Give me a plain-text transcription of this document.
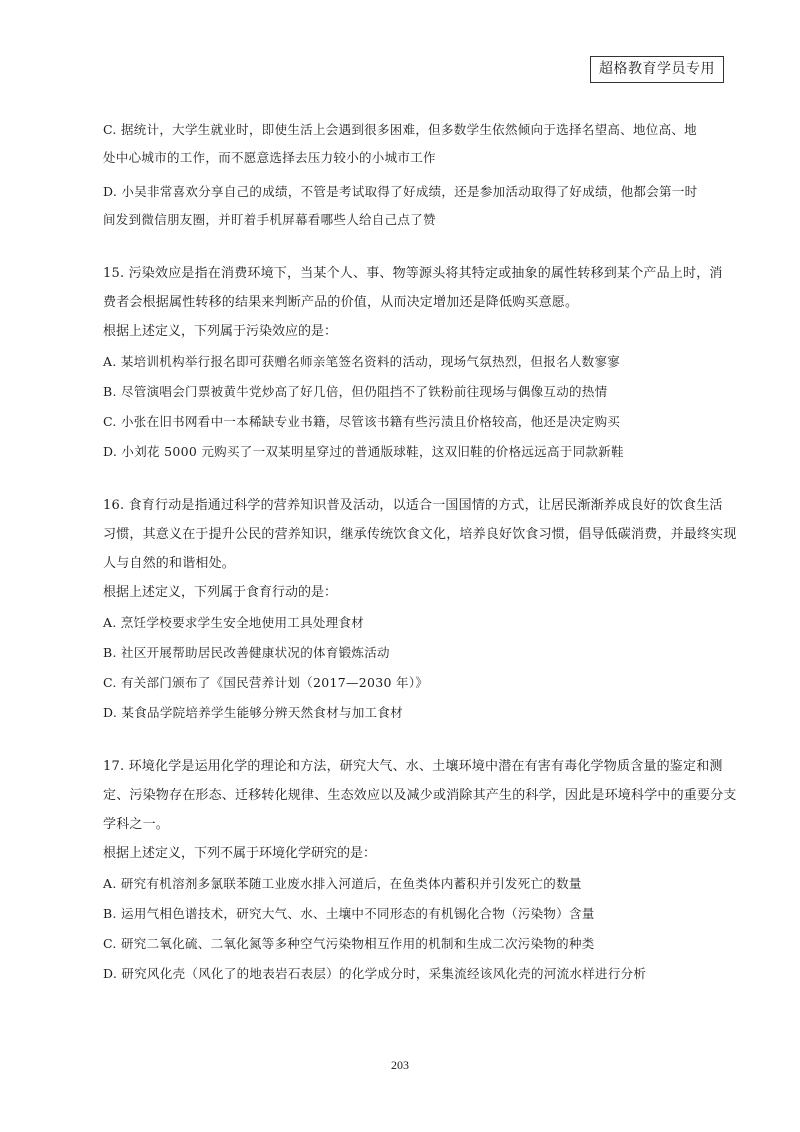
超格教育学员专用
C. 据统计，大学生就业时，即使生活上会遇到很多困难，但多数学生依然倾向于选择名望高、地位高、地
处中心城市的工作，而不愿意选择去压力较小的小城市工作
D. 小吴非常喜欢分享自己的成绩，不管是考试取得了好成绩，还是参加活动取得了好成绩，他都会第一时
间发到微信朋友圈，并盯着手机屏幕看哪些人给自己点了赞
15. 污染效应是指在消费环境下，当某个人、事、物等源头将其特定或抽象的属性转移到某个产品上时，消
费者会根据属性转移的结果来判断产品的价值，从而决定增加还是降低购买意愿。
根据上述定义，下列属于污染效应的是：
A. 某培训机构举行报名即可获赠名师亲笔签名资料的活动，现场气氛热烈，但报名人数寥寥
B. 尽管演唱会门票被黄牛党炒高了好几倍，但仍阻挡不了铁粉前往现场与偶像互动的热情
C. 小张在旧书网看中一本稀缺专业书籍，尽管该书籍有些污渍且价格较高，他还是决定购买
D. 小刘花 5000 元购买了一双某明星穿过的普通版球鞋，这双旧鞋的价格远远高于同款新鞋
16. 食育行动是指通过科学的营养知识普及活动，以适合一国国情的方式，让居民渐渐养成良好的饮食生活
习惯，其意义在于提升公民的营养知识，继承传统饮食文化，培养良好饮食习惯，倡导低碳消费，并最终实现
人与自然的和谐相处。
根据上述定义，下列属于食育行动的是：
A. 烹饪学校要求学生安全地使用工具处理食材
B. 社区开展帮助居民改善健康状况的体育锻炼活动
C. 有关部门颁布了《国民营养计划（2017—2030 年）》
D. 某食品学院培养学生能够分辨天然食材与加工食材
17. 环境化学是运用化学的理论和方法，研究大气、水、土壤环境中潜在有害有毒化学物质含量的鉴定和测
定、污染物存在形态、迁移转化规律、生态效应以及减少或消除其产生的科学，因此是环境科学中的重要分支
学科之一。
根据上述定义，下列不属于环境化学研究的是：
A. 研究有机溶剂多氯联苯随工业废水排入河道后，在鱼类体内蓄积并引发死亡的数量
B. 运用气相色谱技术，研究大气、水、土壤中不同形态的有机锡化合物（污染物）含量
C. 研究二氧化硫、二氧化氮等多种空气污染物相互作用的机制和生成二次污染物的种类
D. 研究风化壳（风化了的地表岩石表层）的化学成分时，采集流经该风化壳的河流水样进行分析
203
